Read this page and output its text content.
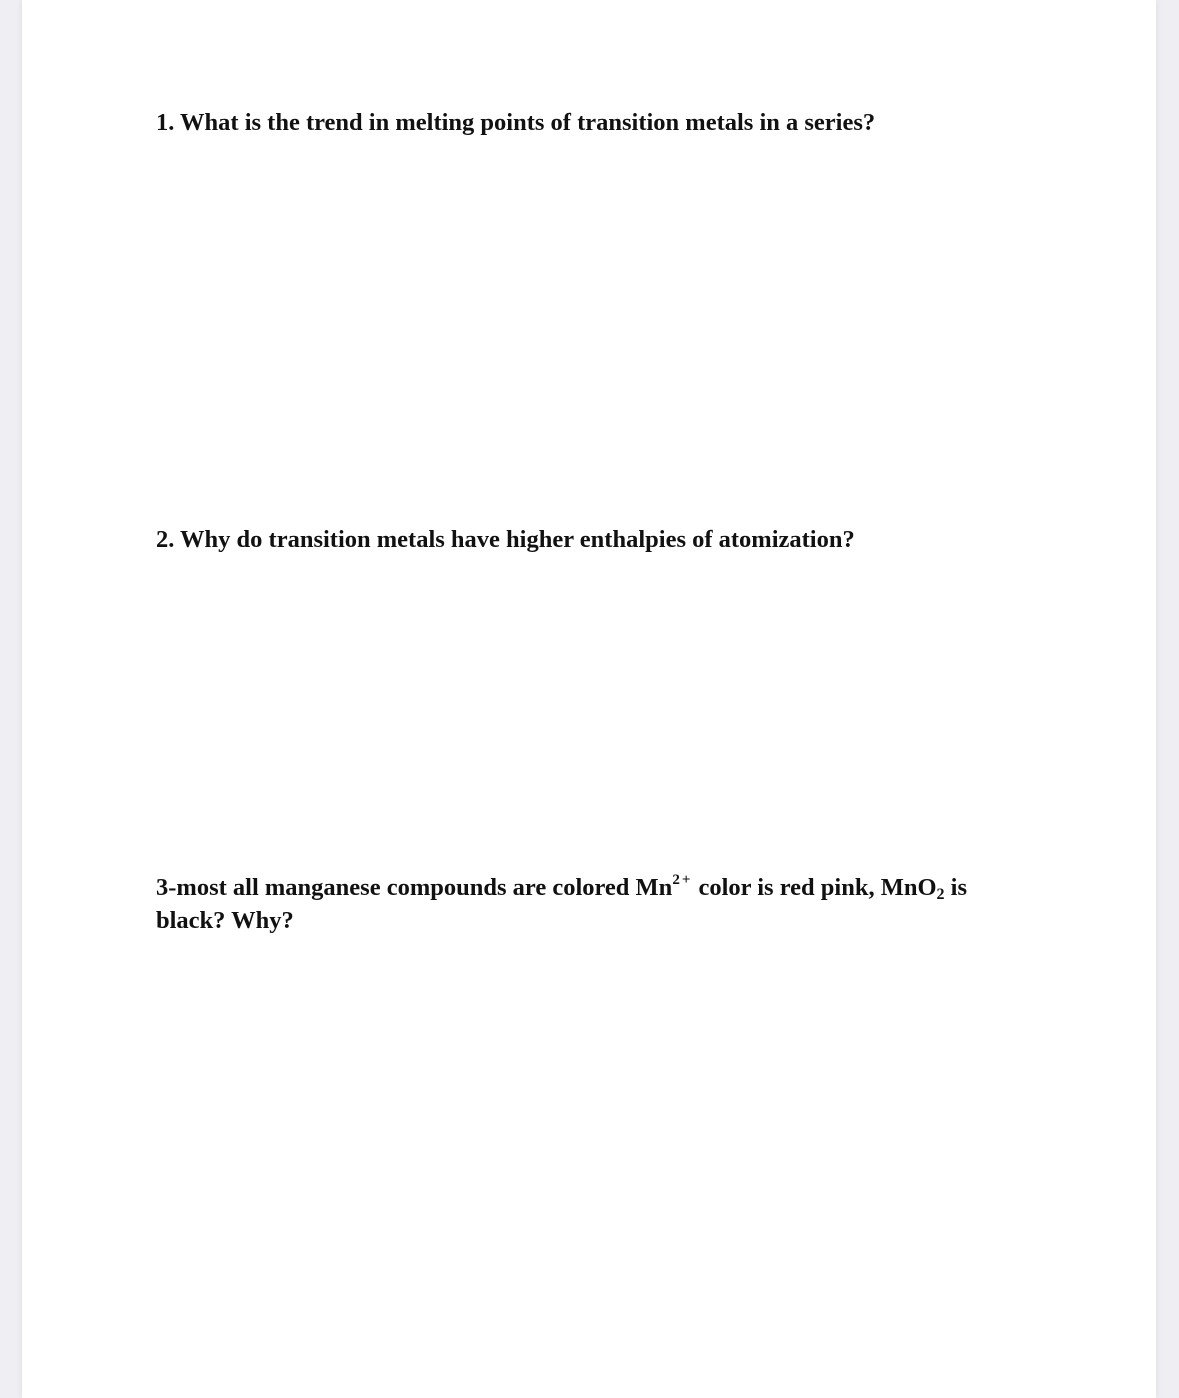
1. What is the trend in melting points of transition metals in a series?
2. Why do transition metals have higher enthalpies of atomization?
3-most all manganese compounds are colored $Mn^{2+}$ color is red pink, MnO$_2$ is
black? Why?
